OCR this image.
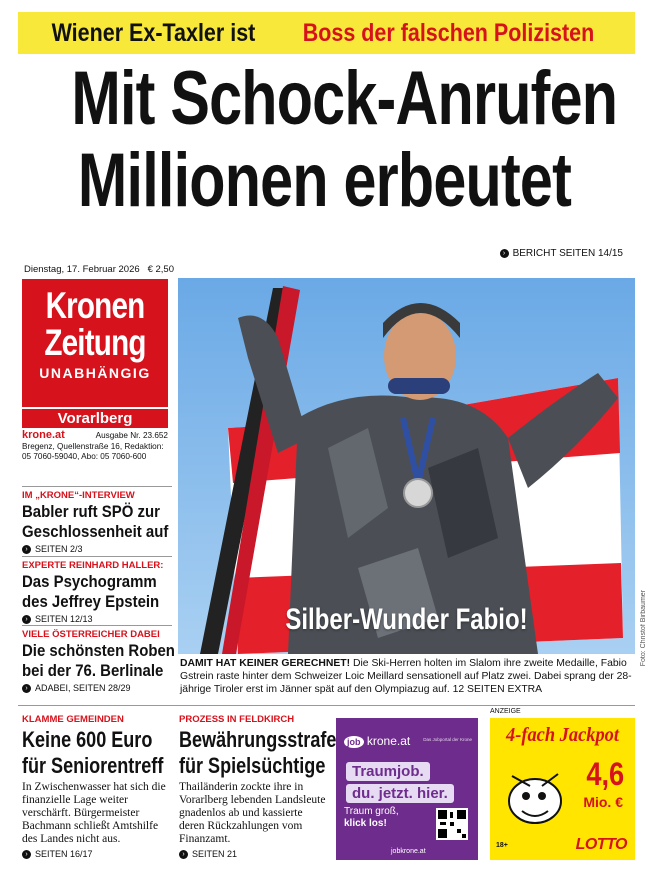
Wiener Ex-Taxler ist Boss der falschen Polizisten
Mit Schock-Anrufen
Millionen erbeutet
› BERICHT SEITEN 14/15
Dienstag, 17. Februar 2026 € 2,50
Kronen
Zeitung
UNABHÄNGIG
Vorarlberg
krone.at	Ausgabe Nr. 23.652
Bregenz, Quellenstraße 16, Redaktion:
05 7060-59040, Abo: 05 7060-600
IM „KRONE“-INTERVIEW
Babler ruft SPÖ zur
Geschlossenheit auf
› SEITEN 2/3
EXPERTE REINHARD HALLER:
Das Psychogramm
des Jeffrey Epstein
› SEITEN 12/13
VIELE ÖSTERREICHER DABEI
Die schönsten Roben
bei der 76. Berlinale
› ADABEI, SEITEN 28/29
Silber-Wunder Fabio!	Foto: Christof Birbaumer
DAMIT HAT KEINER GERECHNET! Die Ski-Herren holten im Slalom ihre zweite Medaille, Fabio Gstrein raste hinter dem Schweizer Loic Meillard sensationell auf Platz zwei. Dabei sprang der 28-jährige Tiroler erst im Jänner spät auf den Olympiazug auf. 12 SEITEN EXTRA
KLAMME GEMEINDEN
Keine 600 Euro
für Seniorentreff
In Zwischenwasser hat sich die finanzielle Lage weiter verschärft. Bürgermeister Bachmann schließt Amtshilfe des Landes nicht aus.
› SEITEN 16/17
PROZESS IN FELDKIRCH
Bewährungsstrafe
für Spielsüchtige
Thailänderin zockte ihre in Vorarlberg lebenden Landsleute gnadenlos ab und kassierte deren Rückzahlungen vom Finanzamt.
› SEITEN 21
job krone.at	Das Jobportal der Krone
Traumjob.
du. jetzt. hier.
Traum groß,
klick los!
jobkrone.at
ANZEIGE
4-fach Jackpot
4,6
Mio. €
18+	LOTTO
